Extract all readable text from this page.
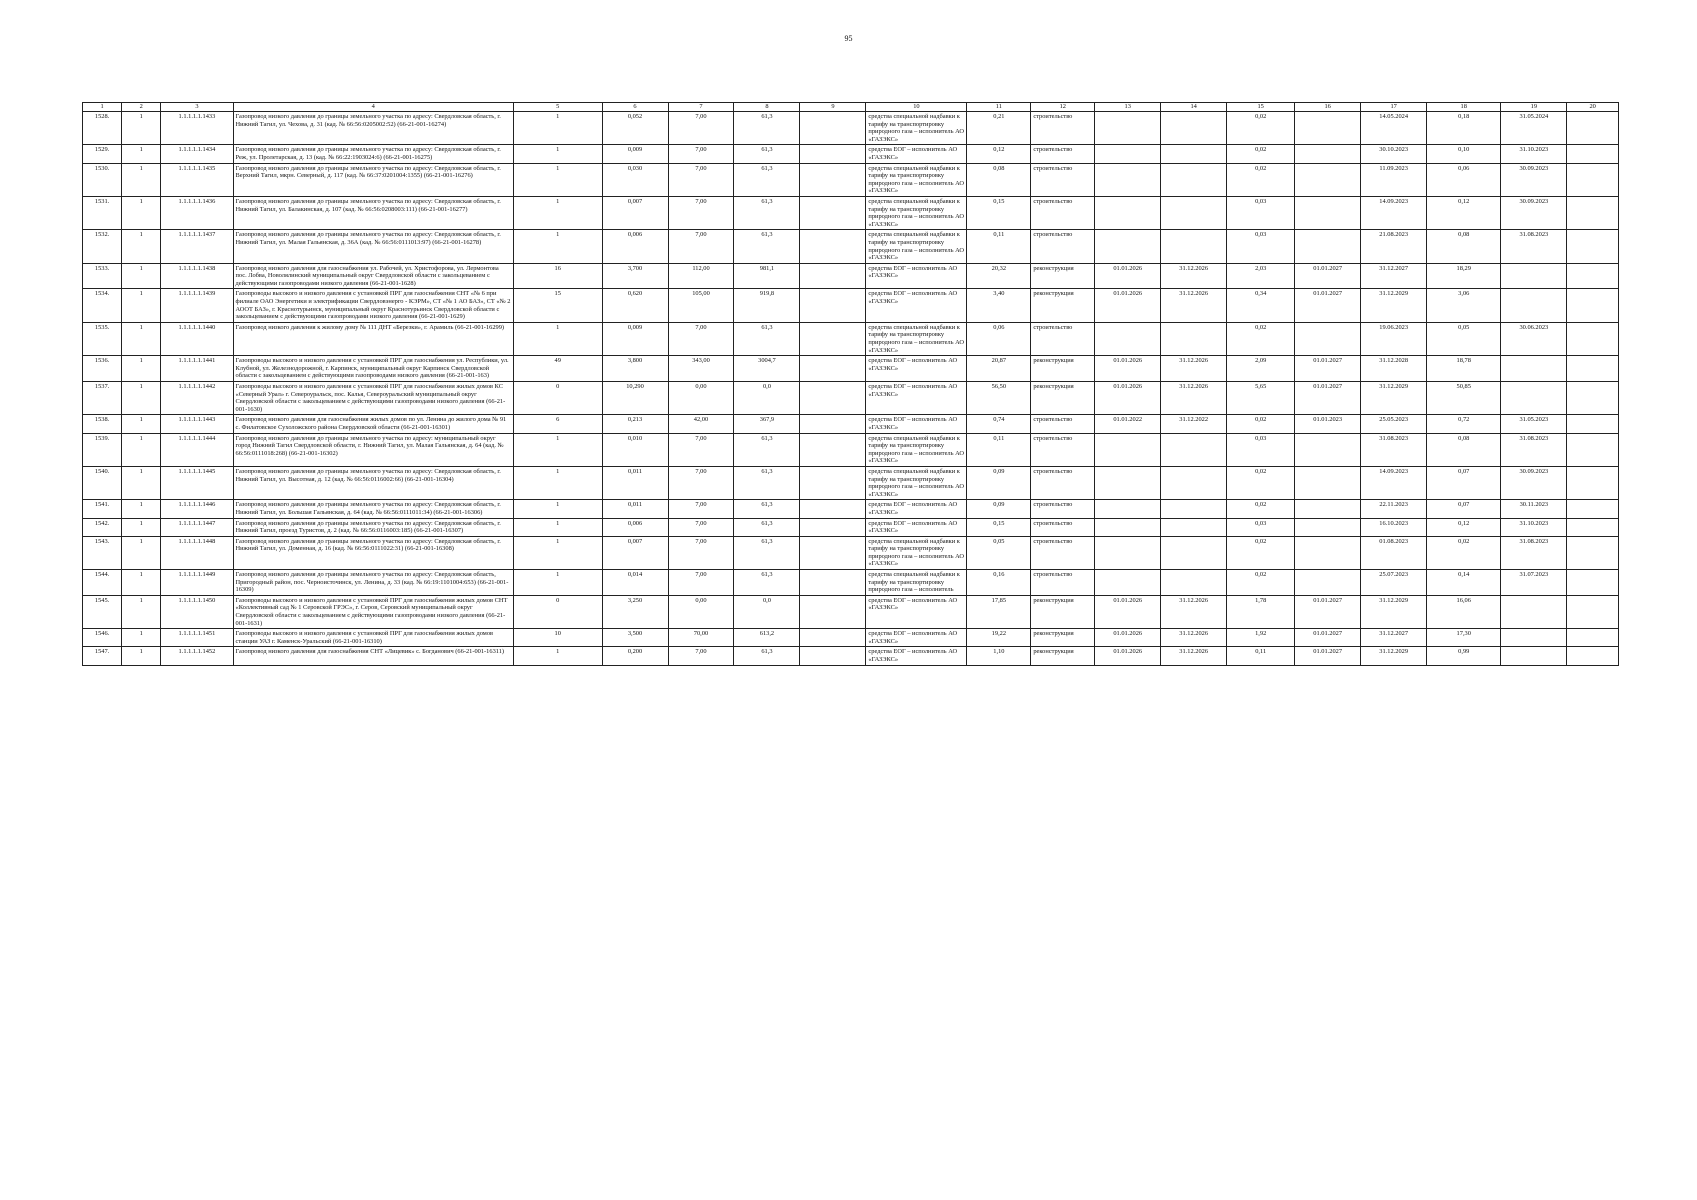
95
1	2	3	4	5	6	7	8	9	10	11	12	13	14	15	16	17	18	19	20
1528.	1	1.1.1.1.1.1433	Газопровод низкого давления до границы земельного участка по адресу: Свердловская область, г. Нижний Тагил, ул. Чехова, д. 31 (кад. № 66:56:0205002:52) (66-21-001-16274)	1	0,052	7,00	61,3		средства специальной надбавки к тарифу на транспортировку природного газа – исполнитель АО «ГАЗЭКС»	0,21	строительство			0,02		14.05.2024	0,18	31.05.2024	
1529.	1	1.1.1.1.1.1434	Газопровод низкого давления до границы земельного участка по адресу: Свердловская область, г. Реж, ул. Пролетарская, д. 13 (кад. № 66:22:1903024:6) (66-21-001-16275)	1	0,009	7,00	61,3		средства ЕОГ – исполнитель АО «ГАЗЭКС»	0,12	строительство			0,02		30.10.2023	0,10	31.10.2023	
1530.	1	1.1.1.1.1.1435	Газопровод низкого давления до границы земельного участка по адресу: Свердловская область, г. Верхний Тагил, мкрн. Северный, д. 117 (кад. № 66:37:0201004:1355) (66-21-001-16276)	1	0,030	7,00	61,3		средства специальной надбавки к тарифу на транспортировку природного газа – исполнитель АО «ГАЗЭКС»	0,08	строительство			0,02		11.09.2023	0,06	30.09.2023	
1531.	1	1.1.1.1.1.1436	Газопровод низкого давления до границы земельного участка по адресу: Свердловская область, г. Нижний Тагил, ул. Балакинская, д. 107 (кад. № 66:56:0208003:111) (66-21-001-16277)	1	0,007	7,00	61,3		средства специальной надбавки к тарифу на транспортировку природного газа – исполнитель АО «ГАЗЭКС»	0,15	строительство			0,03		14.09.2023	0,12	30.09.2023	
1532.	1	1.1.1.1.1.1437	Газопровод низкого давления до границы земельного участка по адресу: Свердловская область, г. Нижний Тагил, ул. Малая Гальянская, д. 36А (кад. № 66:56:0111013:97) (66-21-001-16278)	1	0,006	7,00	61,3		средства специальной надбавки к тарифу на транспортировку природного газа – исполнитель АО «ГАЗЭКС»	0,11	строительство			0,03		21.08.2023	0,08	31.08.2023	
1533.	1	1.1.1.1.1.1438	Газопровод низкого давления для газоснабжения ул. Рабочей, ул. Христофорова, ул. Лермонтова пос. Лобва, Новолялинский муниципальный округ Свердловской области с закольцеванием с действующими газопроводами низкого давления (66-21-001-1628)	16	3,700	112,00	981,1		средства ЕОГ – исполнитель АО «ГАЗЭКС»	20,32	реконструкция	01.01.2026	31.12.2026	2,03	01.01.2027	31.12.2027	18,29		
1534.	1	1.1.1.1.1.1439	Газопроводы высокого и низкого давления с установкой ПРГ для газоснабжения СНТ «№ 6 при филиале ОАО Энергетики и электрификации Свердловэнерго - КЭРМ», СТ «№ 1 АО БАЗ», СТ «№ 2 АООТ БАЗ», г. Краснотурьинск, муниципальный округ Краснотурьинск Свердловской области с закольцеванием с действующими газопроводами низкого давления (66-21-001-1629)	15	0,620	105,00	919,8		средства ЕОГ – исполнитель АО «ГАЗЭКС»	3,40	реконструкция	01.01.2026	31.12.2026	0,34	01.01.2027	31.12.2029	3,06		
1535.	1	1.1.1.1.1.1440	Газопровод низкого давления к жилому дому № 111 ДНТ «Березки», г. Арамиль (66-21-001-16299)	1	0,009	7,00	61,3		средства специальной надбавки к тарифу на транспортировку природного газа – исполнитель АО «ГАЗЭКС»	0,06	строительство			0,02		19.06.2023	0,05	30.06.2023	
1536.	1	1.1.1.1.1.1441	Газопроводы высокого и низкого давления с установкой ПРГ для газоснабжения ул. Республики, ул. Клубной, ул. Железнодорожной, г. Карпинск, муниципальный округ Карпинск Свердловской области с закольцеванием с действующими газопроводами низкого давления (66-21-001-163)	49	3,800	343,00	3004,7		средства ЕОГ – исполнитель АО «ГАЗЭКС»	20,87	реконструкция	01.01.2026	31.12.2026	2,09	01.01.2027	31.12.2028	18,78		
1537.	1	1.1.1.1.1.1442	Газопроводы высокого и низкого давления с установкой ПРГ для газоснабжения жилых домов КС «Северный Урал» г. Североуральск, пос. Калья, Североуральский муниципальный округ Свердловской области с закольцеванием с действующими газопроводами низкого давления (66-21-001-1630)	0	10,290	0,00	0,0		средства ЕОГ – исполнитель АО «ГАЗЭКС»	56,50	реконструкция	01.01.2026	31.12.2026	5,65	01.01.2027	31.12.2029	50,85		
1538.	1	1.1.1.1.1.1443	Газопровод низкого давления для газоснабжения жилых домов по ул. Ленина до жилого дома № 91 с. Филатовское Сухоложского района Свердловской области (66-21-001-16301)	6	0,213	42,00	367,9		средства ЕОГ – исполнитель АО «ГАЗЭКС»	0,74	строительство	01.01.2022	31.12.2022	0,02	01.01.2023	25.05.2023	0,72	31.05.2023	
1539.	1	1.1.1.1.1.1444	Газопровод низкого давления до границы земельного участка по адресу: муниципальный округ город Нижний Тагил Свердловской области, г. Нижний Тагил, ул. Малая Гальянская, д. 64 (кад. № 66:56:0111018:268) (66-21-001-16302)	1	0,010	7,00	61,3		средства специальной надбавки к тарифу на транспортировку природного газа – исполнитель АО «ГАЗЭКС»	0,11	строительство			0,03		31.08.2023	0,08	31.08.2023	
1540.	1	1.1.1.1.1.1445	Газопровод низкого давления до границы земельного участка по адресу: Свердловская область, г. Нижний Тагил, ул. Высотная, д. 12 (кад. № 66:56:0116002:66) (66-21-001-16304)	1	0,011	7,00	61,3		средства специальной надбавки к тарифу на транспортировку природного газа – исполнитель АО «ГАЗЭКС»	0,09	строительство			0,02		14.09.2023	0,07	30.09.2023	
1541.	1	1.1.1.1.1.1446	Газопровод низкого давления до границы земельного участка по адресу: Свердловская область, г. Нижний Тагил, ул. Большая Гальянская, д. 64 (кад. № 66:56:0111011:34) (66-21-001-16306)	1	0,011	7,00	61,3		средства ЕОГ – исполнитель АО «ГАЗЭКС»	0,09	строительство			0,02		22.11.2023	0,07	30.11.2023	
1542.	1	1.1.1.1.1.1447	Газопровод низкого давления до границы земельного участка по адресу: Свердловская область, г. Нижний Тагил, проезд Туристов, д. 2 (кад. № 66:56:0116003:185) (66-21-001-16307)	1	0,006	7,00	61,3		средства ЕОГ – исполнитель АО «ГАЗЭКС»	0,15	строительство			0,03		16.10.2023	0,12	31.10.2023	
1543.	1	1.1.1.1.1.1448	Газопровод низкого давления до границы земельного участка по адресу: Свердловская область, г. Нижний Тагил, ул. Доменная, д. 16 (кад. № 66:56:0111022:31) (66-21-001-16308)	1	0,007	7,00	61,3		средства специальной надбавки к тарифу на транспортировку природного газа – исполнитель АО «ГАЗЭКС»	0,05	строительство			0,02		01.08.2023	0,02	31.08.2023	
1544.	1	1.1.1.1.1.1449	Газопровод низкого давления до границы земельного участка по адресу: Свердловская область, Пригородный район, пос. Черноисточинск, ул. Ленина, д. 33 (кад. № 66:19:1101004:653) (66-21-001-16309)	1	0,014	7,00	61,3		средства специальной надбавки к тарифу на транспортировку природного газа – исполнитель	0,16	строительство			0,02		25.07.2023	0,14	31.07.2023	
1545.	1	1.1.1.1.1.1450	Газопроводы высокого и низкого давления с установкой ПРГ для газоснабжения жилых домов СНТ «Коллективный сад № 1 Серовской ГРЭС», г. Серов, Серовский муниципальный округ Свердловской области с закольцеванием с действующими газопроводами низкого давления (66-21-001-1631)	0	3,250	0,00	0,0		средства ЕОГ – исполнитель АО «ГАЗЭКС»	17,85	реконструкция	01.01.2026	31.12.2026	1,78	01.01.2027	31.12.2029	16,06		
1546.	1	1.1.1.1.1.1451	Газопроводы высокого и низкого давления с установкой ПРГ для газоснабжения жилых домов станции УАЗ г. Каменск-Уральский (66-21-001-16310)	10	3,500	70,00	613,2		средства ЕОГ – исполнитель АО «ГАЗЭКС»	19,22	реконструкция	01.01.2026	31.12.2026	1,92	01.01.2027	31.12.2027	17,30		
1547.	1	1.1.1.1.1.1452	Газопровод низкого давления для газоснабжения СНТ «Лицевик» с. Богданович (66-21-001-16311)	1	0,200	7,00	61,3		средства ЕОГ – исполнитель АО «ГАЗЭКС»	1,10	реконструкция	01.01.2026	31.12.2026	0,11	01.01.2027	31.12.2029	0,99		
